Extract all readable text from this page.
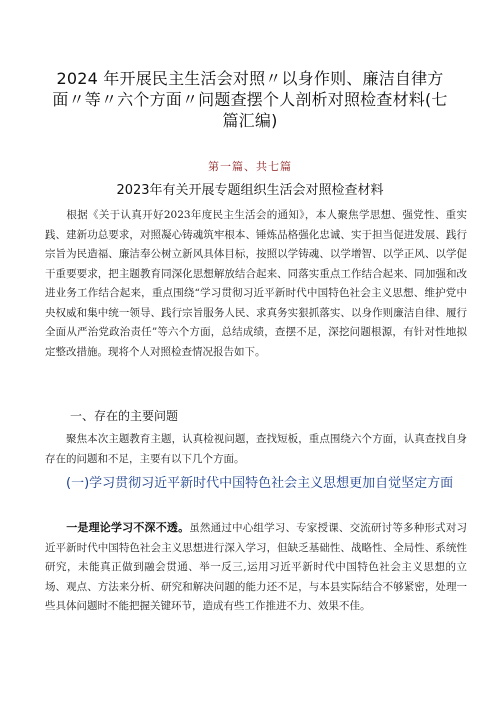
2024 年开展民主生活会对照〃以身作则、廉洁自律方面〃等〃六个方面〃问题查摆个人剖析对照检查材料(七篇汇编)
第一篇、共七篇
2023年有关开展专题组织生活会对照检查材料
根据《关于认真开好2023年度民主生活会的通知》，本人聚焦学思想、强党性、重实践、建新功总要求，对照凝心铸魂筑牢根本、锤炼品格强化忠诚、实于担当促进发展、践行宗旨为民造福、廉洁奉公树立新风具体目标，按照以学铸魂、以学增智、以学正风、以学促干重要要求，把主题教育同深化思想解放结合起来、同落实重点工作结合起来、同加强和改进业务工作结合起来，重点围绕“学习贯彻习近平新时代中国特色社会主义思想、维护党中央权威和集中统一领导、践行宗旨服务人民、求真务实狠抓落实、以身作则廉洁自律、履行全面从严治党政治责任”等六个方面，总结成绩，查摆不足，深挖问题根源，有针对性地拟定整改措施。现将个人对照检查情况报告如下。
一、存在的主要问题
聚焦本次主题教育主题，认真检视问题，查找短板，重点围绕六个方面，认真查找自身存在的问题和不足，主要有以下几个方面。
(一)学习贯彻习近平新时代中国特色社会主义思想更加自觉坚定方面
一是理论学习不深不透。虽然通过中心组学习、专家授课、交流研讨等多种形式对习近平新时代中国特色社会主义思想进行深入学习，但缺乏基础性、战略性、全局性、系统性研究，未能真正做到融会贯通、举一反三,运用习近平新时代中国特色社会主义思想的立场、观点、方法来分析、研究和解决问题的能力还不足，与本县实际结合不够紧密，处理一些具体问题时不能把握关键环节，造成有些工作推进不力、效果不佳。
